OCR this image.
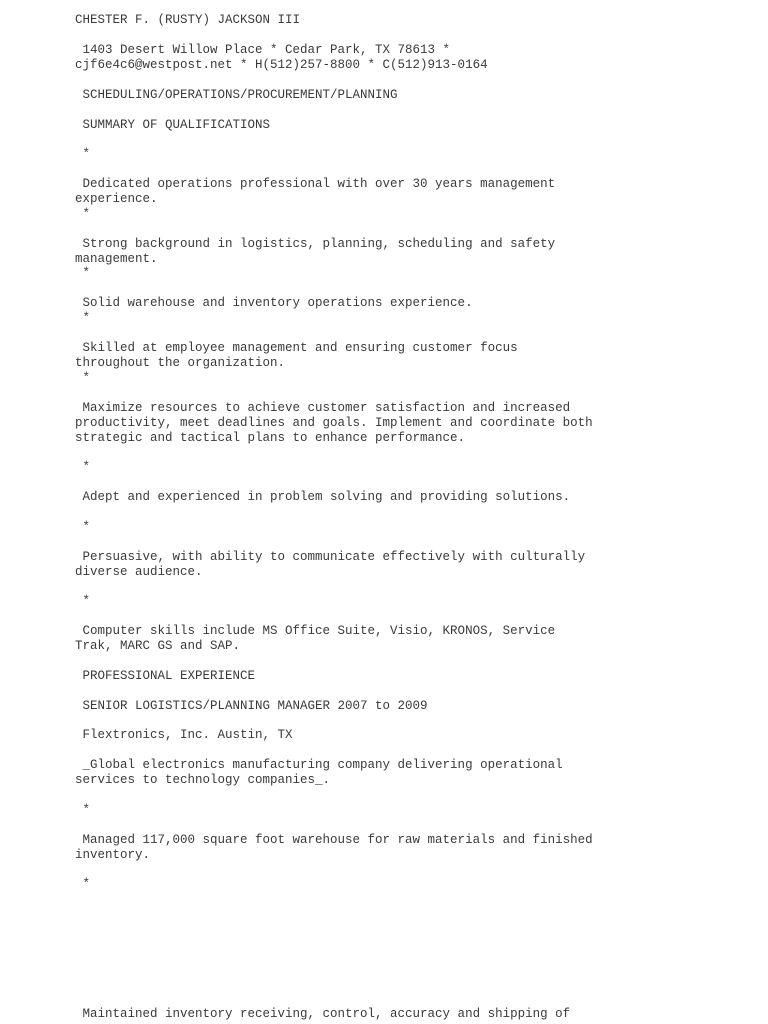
CHESTER F. (RUSTY) JACKSON III

1403 Desert Willow Place * Cedar Park, TX 78613 *

cjf6e4c6@westpost.net * H(512)257-8800 * C(512)913-0164

SCHEDULING/OPERATIONS/PROCUREMENT/PLANNING

SUMMARY OF QUALIFICATIONS

*

Dedicated operations professional with over 30 years management

experience.

*

Strong background in logistics, planning, scheduling and safety

management.

*

Solid warehouse and inventory operations experience.

*

Skilled at employee management and ensuring customer focus

throughout the organization.

*

Maximize resources to achieve customer satisfaction and increased

productivity, meet deadlines and goals. Implement and coordinate both

strategic and tactical plans to enhance performance.

*

Adept and experienced in problem solving and providing solutions.

*

Persuasive, with ability to communicate effectively with culturally

diverse audience.

*

Computer skills include MS Office Suite, Visio, KRONOS, Service

Trak, MARC GS and SAP.

PROFESSIONAL EXPERIENCE

SENIOR LOGISTICS/PLANNING MANAGER 2007 to 2009

Flextronics, Inc. Austin, TX

_Global electronics manufacturing company delivering operational

services to technology companies_.

*

Managed 117,000 square foot warehouse for raw materials and finished

inventory.

*

Maintained inventory receiving, control, accuracy and shipping of
